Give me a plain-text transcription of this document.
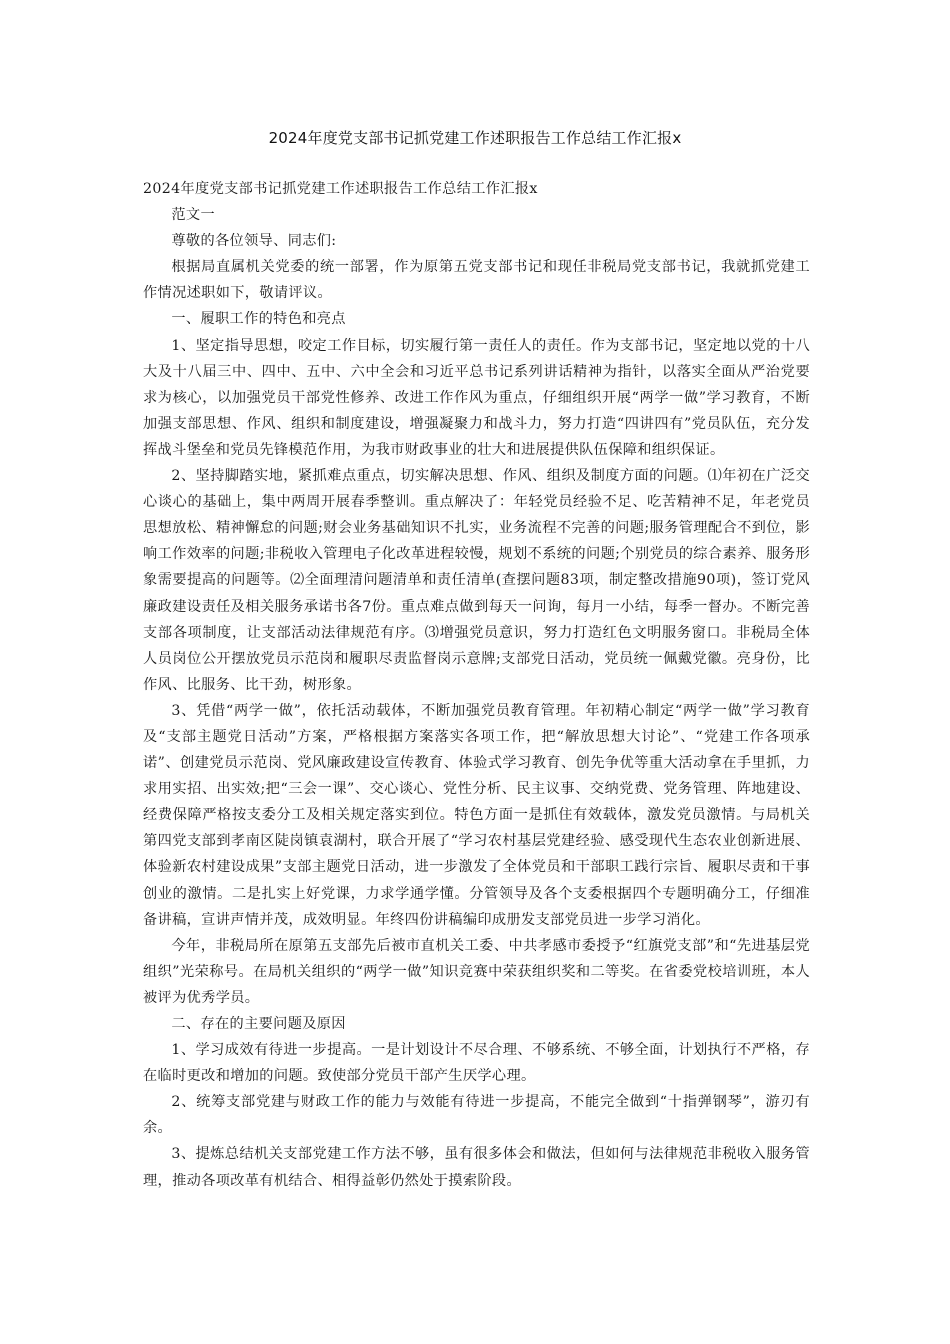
2024年度党支部书记抓党建工作述职报告工作总结工作汇报x

2024年度党支部书记抓党建工作述职报告工作总结工作汇报x

范文一

尊敬的各位领导、同志们:

根据局直属机关党委的统一部署，作为原第五党支部书记和现任非税局党支部书记，我就抓党建工作情况述职如下，敬请评议。

一、履职工作的特色和亮点

1、坚定指导思想，咬定工作目标，切实履行第一责任人的责任。作为支部书记，坚定地以党的十八大及十八届三中、四中、五中、六中全会和习近平总书记系列讲话精神为指针，以落实全面从严治党要求为核心，以加强党员干部党性修养、改进工作作风为重点，仔细组织开展“两学一做”学习教育，不断加强支部思想、作风、组织和制度建设，增强凝聚力和战斗力，努力打造“四讲四有”党员队伍，充分发挥战斗堡垒和党员先锋模范作用，为我市财政事业的壮大和进展提供队伍保障和组织保证。

2、坚持脚踏实地，紧抓难点重点，切实解决思想、作风、组织及制度方面的问题。⑴年初在广泛交心谈心的基础上，集中两周开展春季整训。重点解决了：年轻党员经验不足、吃苦精神不足，年老党员思想放松、精神懈怠的问题;财会业务基础知识不扎实，业务流程不完善的问题;服务管理配合不到位，影响工作效率的问题;非税收入管理电子化改革进程较慢，规划不系统的问题;个别党员的综合素养、服务形象需要提高的问题等。⑵全面理清问题清单和责任清单(查摆问题83项，制定整改措施90项)，签订党风廉政建设责任及相关服务承诺书各7份。重点难点做到每天一问询，每月一小结，每季一督办。不断完善支部各项制度，让支部活动法律规范有序。⑶增强党员意识，努力打造红色文明服务窗口。非税局全体人员岗位公开摆放党员示范岗和履职尽责监督岗示意牌;支部党日活动，党员统一佩戴党徽。亮身份，比作风、比服务、比干劲，树形象。

3、凭借“两学一做”，依托活动载体，不断加强党员教育管理。年初精心制定“两学一做”学习教育及“支部主题党日活动”方案，严格根据方案落实各项工作，把“解放思想大讨论”、“党建工作各项承诺”、创建党员示范岗、党风廉政建设宣传教育、体验式学习教育、创先争优等重大活动拿在手里抓，力求用实招、出实效;把“三会一课”、交心谈心、党性分析、民主议事、交纳党费、党务管理、阵地建设、经费保障严格按支委分工及相关规定落实到位。特色方面一是抓住有效载体，激发党员激情。与局机关第四党支部到孝南区陡岗镇袁湖村，联合开展了“学习农村基层党建经验、感受现代生态农业创新进展、体验新农村建设成果”支部主题党日活动，进一步激发了全体党员和干部职工践行宗旨、履职尽责和干事创业的激情。二是扎实上好党课，力求学通学懂。分管领导及各个支委根据四个专题明确分工，仔细准备讲稿，宣讲声情并茂，成效明显。年终四份讲稿编印成册发支部党员进一步学习消化。

今年，非税局所在原第五支部先后被市直机关工委、中共孝感市委授予“红旗党支部”和“先进基层党组织”光荣称号。在局机关组织的“两学一做”知识竞赛中荣获组织奖和二等奖。在省委党校培训班，本人被评为优秀学员。

二、存在的主要问题及原因

1、学习成效有待进一步提高。一是计划设计不尽合理、不够系统、不够全面，计划执行不严格，存在临时更改和增加的问题。致使部分党员干部产生厌学心理。

2、统筹支部党建与财政工作的能力与效能有待进一步提高，不能完全做到“十指弹钢琴”，游刃有余。

3、提炼总结机关支部党建工作方法不够，虽有很多体会和做法，但如何与法律规范非税收入服务管理，推动各项改革有机结合、相得益彰仍然处于摸索阶段。
